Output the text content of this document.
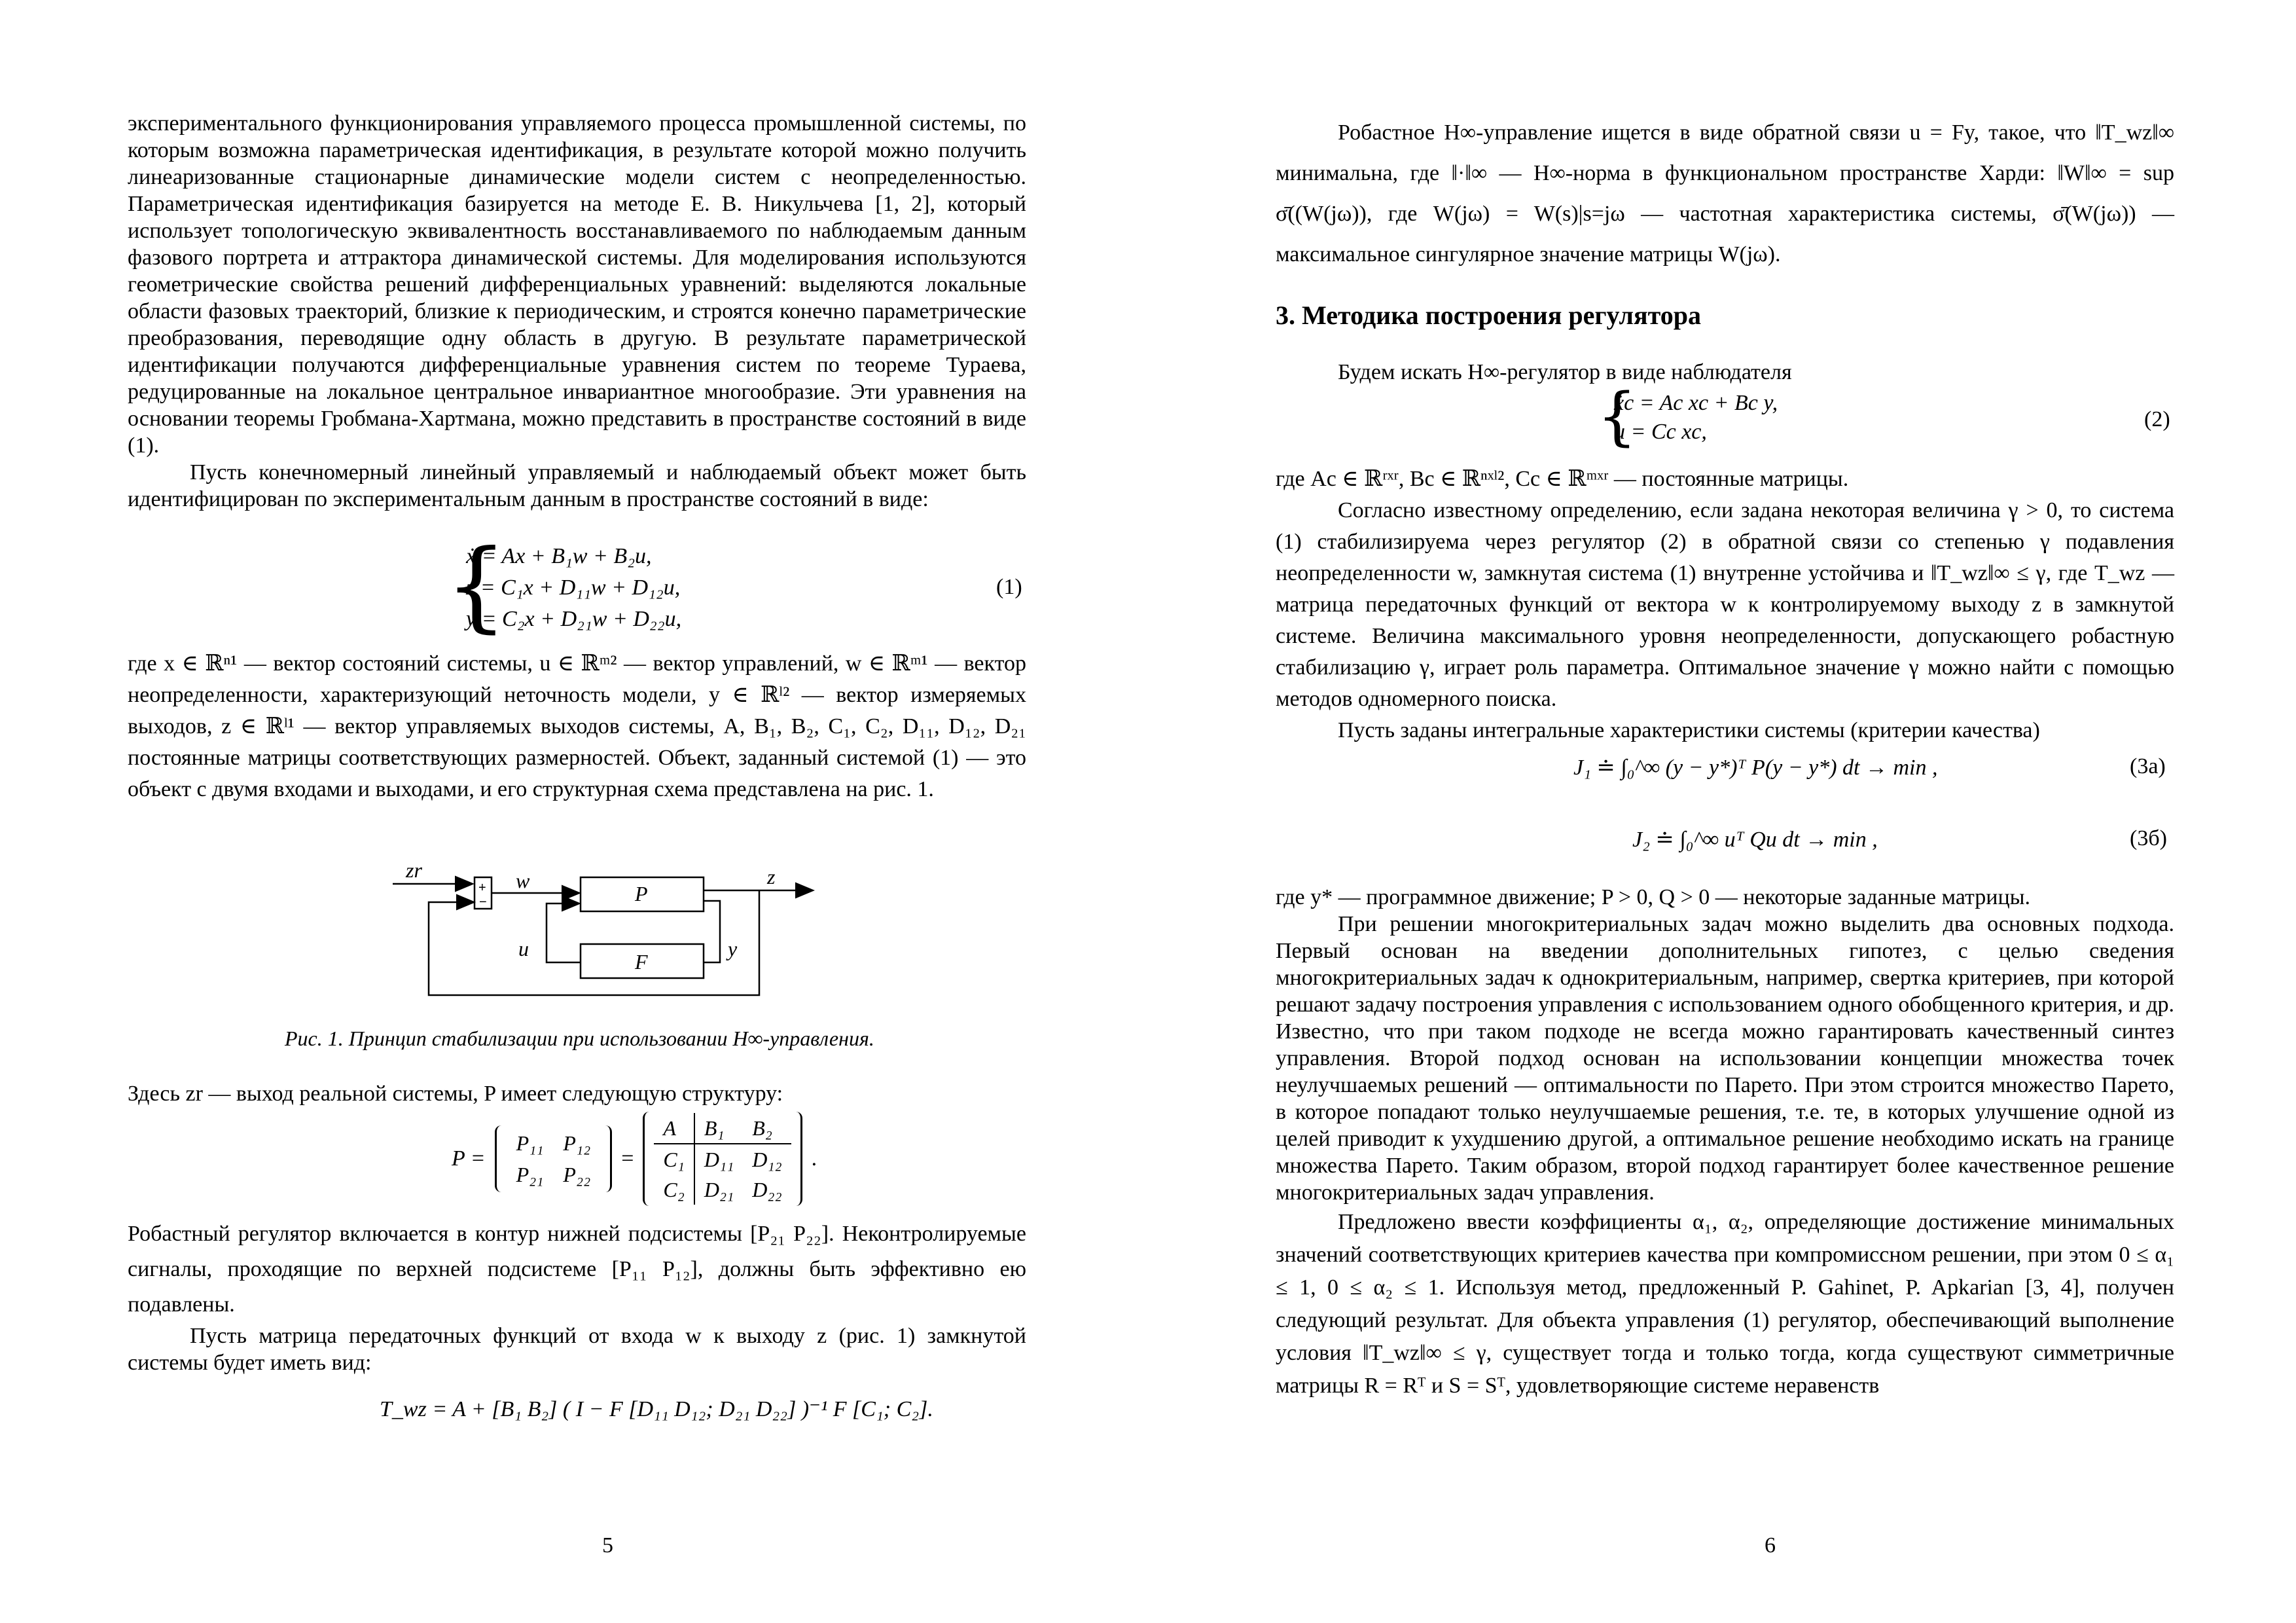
экспериментального функционирования управляемого процесса промышленной системы, по которым возможна параметрическая идентификация, в результате которой можно получить линеаризованные стационарные динамические модели систем с неопределенностью. Параметрическая идентификация базируется на методе Е. В. Никульчева [1, 2], который использует топологическую эквивалентность восстанавливаемого по наблюдаемым данным фазового портрета и аттрактора динамической системы. Для моделирования используются геометрические свойства решений дифференциальных уравнений: выделяются локальные области фазовых траекторий, близкие к периодическим, и строятся конечно параметрические преобразования, переводящие одну область в другую. В результате параметрической идентификации получаются дифференциальные уравнения систем по теореме Тураева, редуцированные на локальное центральное инвариантное многообразие. Эти уравнения на основании теоремы Гробмана-Хартмана, можно представить в пространстве состояний в виде (1).

Пусть конечномерный линейный управляемый и наблюдаемый объект может быть идентифицирован по экспериментальным данным в пространстве состояний в виде:

{
ẋ = Ax + B₁w + B₂u,
z = C₁x + D₁₁w + D₁₂u,
y = C₂x + D₂₁w + D₂₂u,
(1)

где x ∈ ℝⁿ¹ — вектор состояний системы, u ∈ ℝᵐ² — вектор управлений, w ∈ ℝᵐ¹ — вектор неопределенности, характеризующий неточность модели, y ∈ ℝˡ² — вектор измеряемых выходов, z ∈ ℝˡ¹ — вектор управляемых выходов системы, A, B₁, B₂, C₁, C₂, D₁₁, D₁₂, D₂₁ постоянные матрицы соответствующих размерностей. Объект, заданный системой (1) — это объект с двумя входами и выходами, и его структурная схема представлена на рис. 1.

zr	w	z
P
F
u	y
+
−
Рис. 1. Принцип стабилизации при использовании H∞-управления.

Здесь zr — выход реальной системы, P имеет следующую структуру:

P =
P₁₁	P₁₂
P₂₁	P₂₂
=
A	B₁	B₂
C₁	D₁₁	D₁₂
C₂	D₂₁	D₂₂
.

Робастный регулятор включается в контур нижней подсистемы [P₂₁ P₂₂]. Неконтролируемые сигналы, проходящие по верхней подсистеме [P₁₁ P₁₂], должны быть эффективно ею подавлены.

Пусть матрица передаточных функций от входа w к выходу z (рис. 1) замкнутой системы будет иметь вид:

T_wz = A + [B₁ B₂] ( I − F [D₁₁ D₁₂; D₂₁ D₂₂] )⁻¹ F [C₁; C₂].
5

Робастное H∞-управление ищется в виде обратной связи u = Fy, такое, что ‖T_wz‖∞ минимальна, где ‖·‖∞ — H∞-норма в функциональном пространстве Харди: ‖W‖∞ = sup σ̄((W(jω)), где W(jω) = W(s)|s=jω — частотная характеристика системы, σ̄(W(jω)) — максимальное сингулярное значение матрицы W(jω).

3. Методика построения регулятора

Будем искать H∞-регулятор в виде наблюдателя

{
ẋc = Ac xc + Bc y,
u = Cc xc,
(2)

где Ac ∈ ℝʳˣʳ, Bc ∈ ℝⁿˣˡ², Cc ∈ ℝᵐˣʳ — постоянные матрицы.

Согласно известному определению, если задана некоторая величина γ > 0, то система (1) стабилизируема через регулятор (2) в обратной связи со степенью γ подавления неопределенности w, замкнутая система (1) внутренне устойчива и ‖T_wz‖∞ ≤ γ, где T_wz — матрица передаточных функций от вектора w к контролируемому выходу z в замкнутой системе. Величина максимального уровня неопределенности, допускающего робастную стабилизацию γ, играет роль параметра. Оптимальное значение γ можно найти с помощью методов одномерного поиска.

Пусть заданы интегральные характеристики системы (критерии качества)

J₁ ≐ ∫₀^∞ (y − y*)ᵀ P(y − y*) dt → min ,	(3а)
J₂ ≐ ∫₀^∞ uᵀ Qu dt → min ,	(3б)

где y* — программное движение; P > 0, Q > 0 — некоторые заданные матрицы.

При решении многокритериальных задач можно выделить два основных подхода. Первый основан на введении дополнительных гипотез, с целью сведения многокритериальных задач к однокритериальным, например, свертка критериев, при которой решают задачу построения управления с использованием одного обобщенного критерия, и др. Известно, что при таком подходе не всегда можно гарантировать качественный синтез управления. Второй подход основан на использовании концепции множества точек неулучшаемых решений — оптимальности по Парето. При этом строится множество Парето, в которое попадают только неулучшаемые решения, т.е. те, в которых улучшение одной из целей приводит к ухудшению другой, а оптимальное решение необходимо искать на границе множества Парето. Таким образом, второй подход гарантирует более качественное решение многокритериальных задач управления.

Предложено ввести коэффициенты α₁, α₂, определяющие достижение минимальных значений соответствующих критериев качества при компромиссном решении, при этом 0 ≤ α₁ ≤ 1, 0 ≤ α₂ ≤ 1. Используя метод, предложенный P. Gahinet, P. Apkarian [3, 4], получен следующий результат. Для объекта управления (1) регулятор, обеспечивающий выполнение условия ‖T_wz‖∞ ≤ γ, существует тогда и только тогда, когда существуют симметричные матрицы R = Rᵀ и S = Sᵀ, удовлетворяющие системе неравенств

6
